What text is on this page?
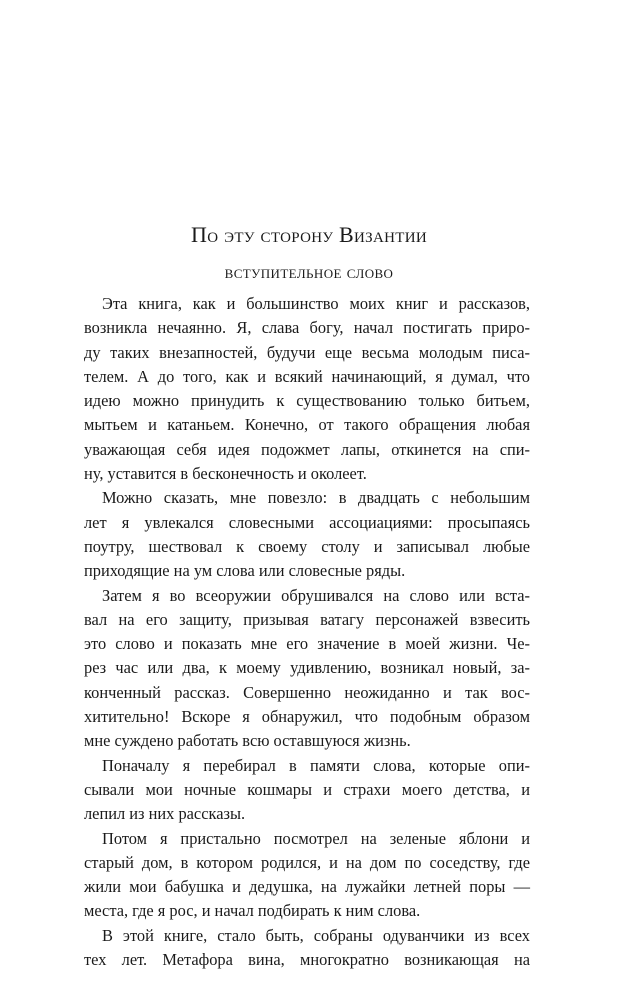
По эту сторону Византии
вступительное слово
Эта книга, как и большинство моих книг и рассказов,
возникла нечаянно. Я, слава богу, начал постигать приро-
ду таких внезапностей, будучи еще весьма молодым писа-
телем. А до того, как и всякий начинающий, я думал, что
идею можно принудить к существованию только битьем,
мытьем и катаньем. Конечно, от такого обращения любая
уважающая себя идея подожмет лапы, откинется на спи-
ну, уставится в бесконечность и околеет.
Можно сказать, мне повезло: в двадцать с небольшим
лет я увлекался словесными ассоциациями: просыпаясь
поутру, шествовал к своему столу и записывал любые
приходящие на ум слова или словесные ряды.
Затем я во всеоружии обрушивался на слово или вста-
вал на его защиту, призывая ватагу персонажей взвесить
это слово и показать мне его значение в моей жизни. Че-
рез час или два, к моему удивлению, возникал новый, за-
конченный рассказ. Совершенно неожиданно и так вос-
хитительно! Вскоре я обнаружил, что подобным образом
мне суждено работать всю оставшуюся жизнь.
Поначалу я перебирал в памяти слова, которые опи-
сывали мои ночные кошмары и страхи моего детства, и
лепил из них рассказы.
Потом я пристально посмотрел на зеленые яблони и
старый дом, в котором родился, и на дом по соседству, где
жили мои бабушка и дедушка, на лужайки летней поры —
места, где я рос, и начал подбирать к ним слова.
В этой книге, стало быть, собраны одуванчики из всех
тех лет. Метафора вина, многократно возникающая на
